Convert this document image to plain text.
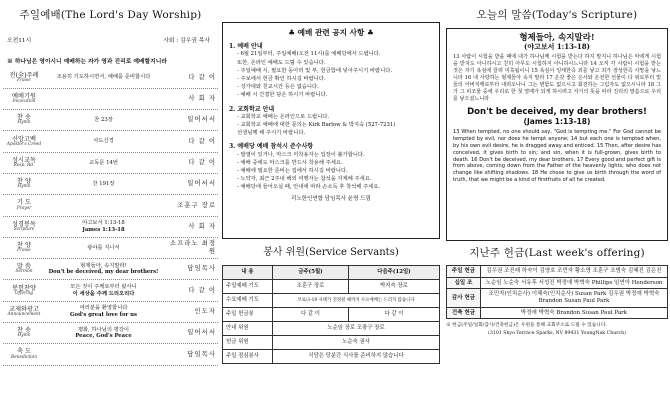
주일예배(The Lord's Day Worship)
오전11시	사회 : 김우권 목사
※ 하나님은 영이시니 예배하는 자가 영과 진리로 예배할지니라
전(全)주례
Praise	조용히 기도하시면서, 예배를 준비합시다	다 같 이
예배기원
Invocation	사 회 자
찬 송
Hymn	찬 23장	일어서서
신앙고백
Apostle's Creed	사도신경	다 같 이
성시교독
Resp. Rd.	교독문 14번	다 같 이
찬 양
Hymn	찬 191장	일어서서
기 도
Prayer	조훈구 장로
성경봉독
Scripture
야고보서 1:13-18
James 1:13-18	사 회 자
찬 양
Praise	광야를 지나서
소프라노 최정원
말 씀
Sermon
형제들아, 속지말라!
Don't be deceived, my dear brothers!	담임목사
봉헌찬양
Offering
모든 것이 주께로부터 왔사니
이 세상을 주께 드리오리다	다 같 이
교제와광고
Announcement
여러분을 환영합니다
God's great love for us	인도자
찬 송
Hymn
평화, 하나님의 평강이
Peace, God's Peace	일어서서
축 도
Benediction	담임목사
♣ 예배 관련 공지 사항 ♣
1. 예배 안내
- 6월 21일부터, 주일예배(오전 11시)를 예배당에서 드립니다.
또한, 온라인 예배도 드릴 수 있습니다.
- 주일예배 시, 필요한 동아리 및 부, 헌금함에 넣어주시기 바랍니다.
- 주보에서 헌금 확인 하시길 바랍니다.
- 성가대와 친교시간 등은 없습니다.
- 예배 시 간결한 담은 하시기 바랍니다.
2. 교회학교 안내
- 교회학교 예배는 온라인으로 드립니다.
- 교회학교 예배에 대한 문의는 Kirk Barlow & 박지숙 (527-7231)
선생님께 해 주시기 바랍니다.
3. 예배당 예배 참석시 준수사항
- 발열이 있거나, 마스크 미착용자는 입장이 불가합니다.
- 예배 중에도 마스크를 반드시 착용해 주세요.
- 예배에 필요한 준비는 집에서 하시길 바랍니다.
- 노약자, 최근 2주내 해외 여행자는 참석을 자제해 주세요.
- 예배당에 들어오실 때, 안내에 따라 손소독 후 착석해 주세요.
리노한인연합 담임목사 윤명 드림
봉사 위원(Service Servants)
내 용	금주(5월)	다음주(12일)
주일예배 기도	조훈구 장로	박지숙 장로
수요예배 기도	코로나-19 사태가 진정될 때까지 수요예배는 드리지 않습니다	
주일 헌금봉	다 같 이	다 같 이
안내 위원	노순임 장로 조광구 장로	
헌금 위원	노순숙 권사	
주일 점심봉사	식당은 당분간 식사를 준비하지 않습니다	
오늘의 말씀(Today's Scripture)
형제들아, 속지말라!
(야고보서 1:13-18)
13 사람이 시험을 받을 때에 내가 하나님께 시험을 받는다 하지 말지니 하나님은 악에게 시험을 받지도 아니하시고 친히 아무도 시험하지 아니하시느니라 14 오직 각 사람이 시험을 받는 것은 자기 욕심에 끌려 미혹됨이니 15 욕심이 잉태한즉 죄를 낳고 죄가 장성한즉 사망을 낳느니라 16 내 사랑하는 형제들아 속지 말라 17 온갖 좋은 은사와 온전한 선물이 다 위로부터 빛들의 아버지께로부터 내려오나니 그는 변함도 없으시고 회전하는 그림자도 없으시니라 18 그가 그 피조물 중에 우리로 한 첫 열매가 되게 하시려고 자기의 뜻을 따라 진리의 말씀으로 우리를 낳으셨느니라
Don't be deceived, my dear brothers!
(James 1:13-18)
13 When tempted, no one should say, "God is tempting me." For God cannot be tempted by evil, nor does he tempt anyone; 14 but each one is tempted when, by his own evil desire, he is dragged away and enticed. 15 Then, after desire has conceived, it gives birth to sin; and sin, when it is full-grown, gives birth to death. 16 Don't be deceived, my dear brothers. 17 Every good and perfect gift is from above, coming down from the Father of the heavenly lights, who does not change like shifting shadows. 18 He chose to give us birth through the word of truth, that we might be a kind of firstfruits of all he created.
지난주 헌금(Last week's offering)
주일 헌금	김우권 조진래 하숙이 김영호 조민자 황소영 조훈구 조범숙 김혜진 김은진
십일 조	노순임 노순숙 서유후 서성진 박정애 박혁숙 Phillips 임연아 Henderson
감사 헌금	조민자(인치순사) 이혜숙(인치순사) Susan Park 김우권 박정애 박혁숙 Brandon Susan Paul Park
건축 헌금	박정애 박혁숙 Brandon Susan Paul Park
※ 헌금(주일/일회/감사/건축헌금)은 우편을 통해 교회주소로 드릴 수 있습니다.
(3101 Skyo Terrace Sparks, NV 89431 YoungNak Church)
